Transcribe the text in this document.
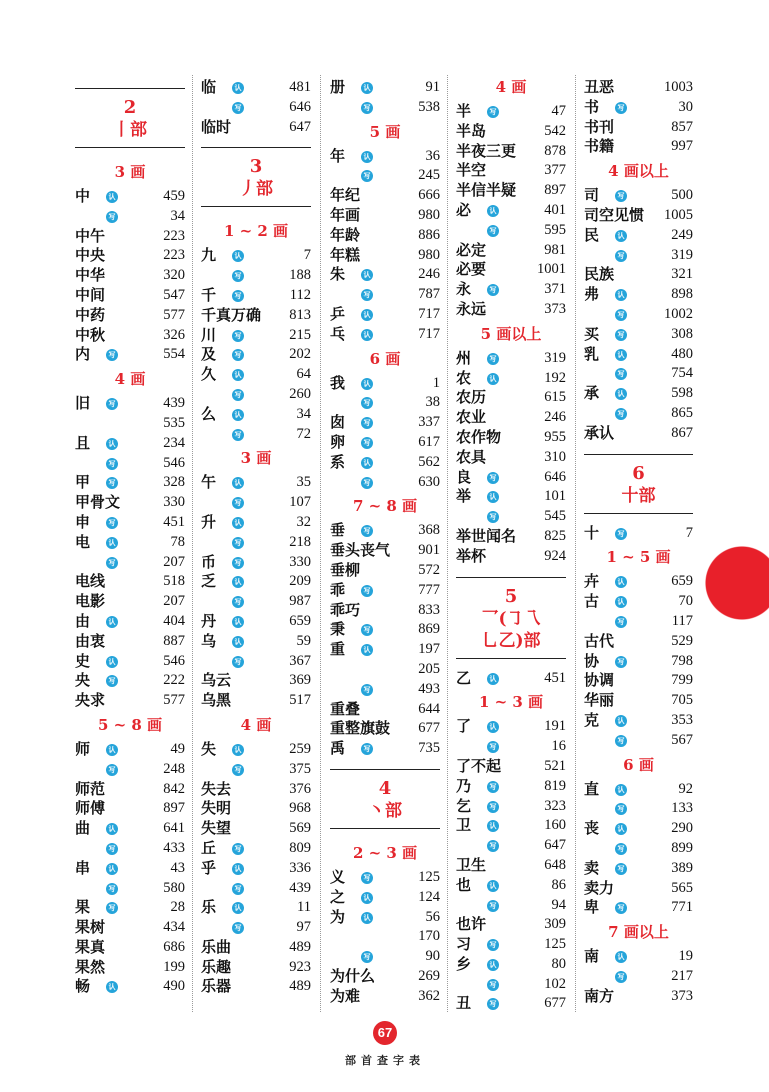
2
丨部
3 画
中	认	459
写	34
中午	223
中央	223
中华	320
中间	547
中药	577
中秋	326
内	写	554
4 画
旧	写	439
535
且	认	234
写	546
甲	写	328
甲骨文	330
申	写	451
电	认	78
写	207
电线	518
电影	207
由	认	404
由衷	887
史	认	546
央	写	222
央求	577
5 ~ 8 画
师	认	49
写	248
师范	842
师傅	897
曲	认	641
写	433
串	认	43
写	580
果	写	28
果树	434
果真	686
果然	199
畅	认	490
临	认	481
写	646
临时	647
3
丿部
1 ~ 2 画
九	认	7
写	188
千	写	112
千真万确 813
川	写	215
及	写	202
久	认	64
写	260
么	认	34
写	72
3 画
午	认	35
写	107
升	认	32
写	218
币	写	330
乏	认	209
写	987
丹	认	659
乌	认	59
写	367
乌云	369
乌黑	517
4 画
失	认	259
写	375
失去	376
失明	968
失望	569
丘	写	809
乎	认	336
写	439
乐	认	11
写	97
乐曲	489
乐趣	923
乐器	489
册	认	91
写	538
5 画
年	认	36
写	245
年纪	666
年画	980
年龄	886
年糕	980
朱	认	246
写	787
乒	认	717
乓	认	717
6 画
我	认	1
写	38
囱	写	337
卵	写	617
系	认	562
写	630
7 ~ 8 画
垂	写	368
垂头丧气 901
垂柳	572
乖	写	777
乖巧	833
秉	写	869
重	认	197
205
写	493
重叠	644
重整旗鼓 677
禹	写	735
4
丶部
2 ~ 3 画
义	写	125
之	认	124
为	认	56
170
写	90
为什么	269
为难	362
4 画
半	写	47
半岛	542
半夜三更 878
半空	377
半信半疑 897
必	认	401
写	595
必定	981
必要	1001
永	写	371
永远	373
5 画以上
州	写	319
农	认	192
农历	615
农业	246
农作物	955
农具	310
良	写	646
举	认	101
写	545
举世闻名 825
举杯	924
5
乛(㇆乁
乚乙)部
乙	认	451
1 ~ 3 画
了	认	191
写	16
了不起	521
乃	写	819
乞	写	323
卫	认	160
写	647
卫生	648
也	认	86
写	94
也许	309
习	写	125
乡	认	80
写	102
丑	写	677
丑恶	1003
书	写	30
书刊	857
书籍	997
4 画以上
司	写	500
司空见惯 1005
民	认	249
写	319
民族	321
弗	认	898
写	1002
买	写	308
乳	认	480
写	754
承	认	598
写	865
承认	867
6
十部
十	写	7
1 ~ 5 画
卉	认	659
古	认	70
写	117
古代	529
协	写	798
协调	799
华丽	705
克	认	353
写	567
6 画
直	认	92
写	133
丧	认	290
写	899
卖	写	389
卖力	565
卑	写	771
7 画以上
南	认	19
写	217
南方	373
67
部首查字表
